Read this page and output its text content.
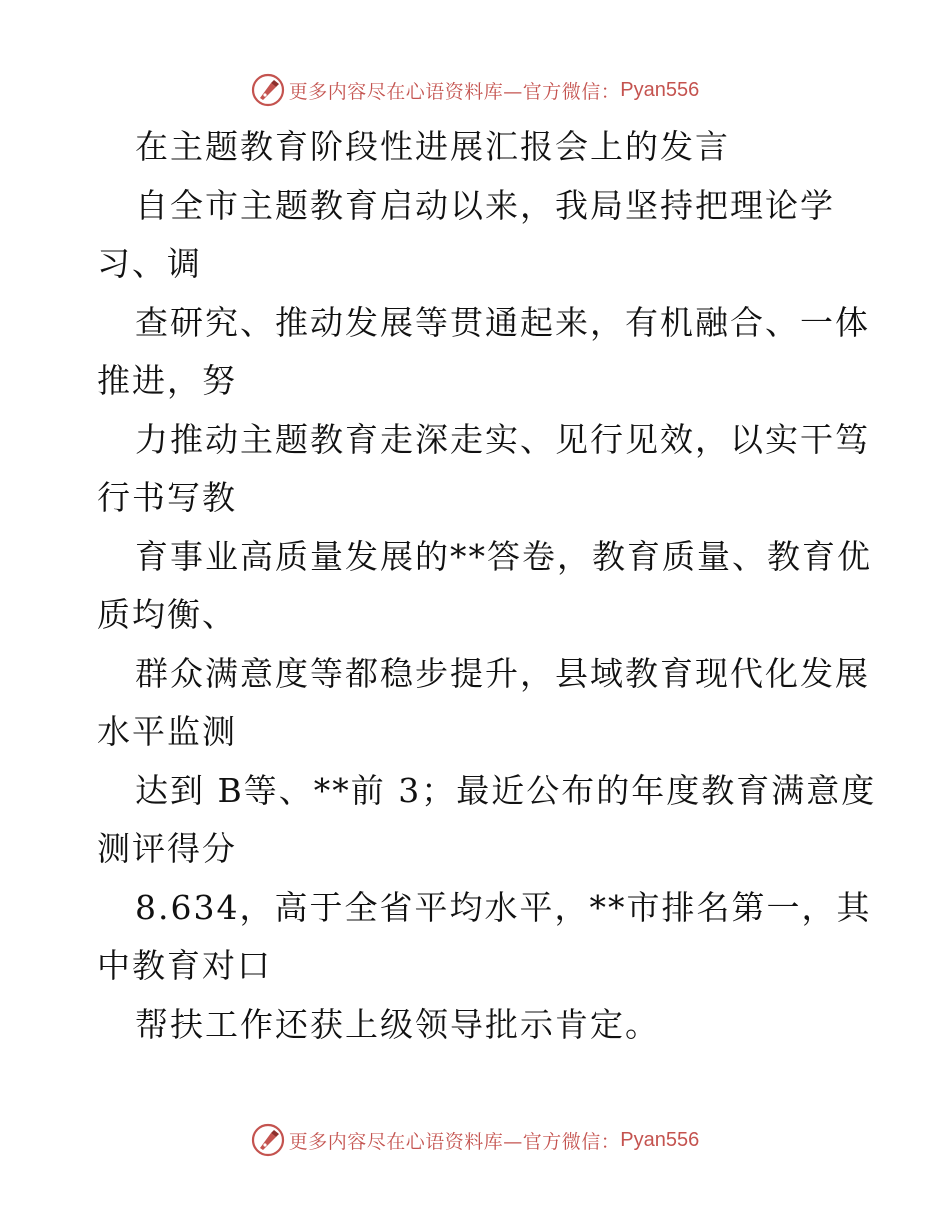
更多内容尽在心语资料库—官方微信： Pyan556

在主题教育阶段性进展汇报会上的发言

自全市主题教育启动以来，我局坚持把理论学

习、调

查研究、推动发展等贯通起来，有机融合、一体

推进，努

力推动主题教育走深走实、见行见效，以实干笃

行书写教

育事业高质量发展的**答卷，教育质量、教育优

质均衡、

群众满意度等都稳步提升，县域教育现代化发展

水平监测

达到 B等、**前 3；最近公布的年度教育满意度

测评得分

8.634，高于全省平均水平，**市排名第一，其

中教育对口

帮扶工作还获上级领导批示肯定。

更多内容尽在心语资料库—官方微信： Pyan556
